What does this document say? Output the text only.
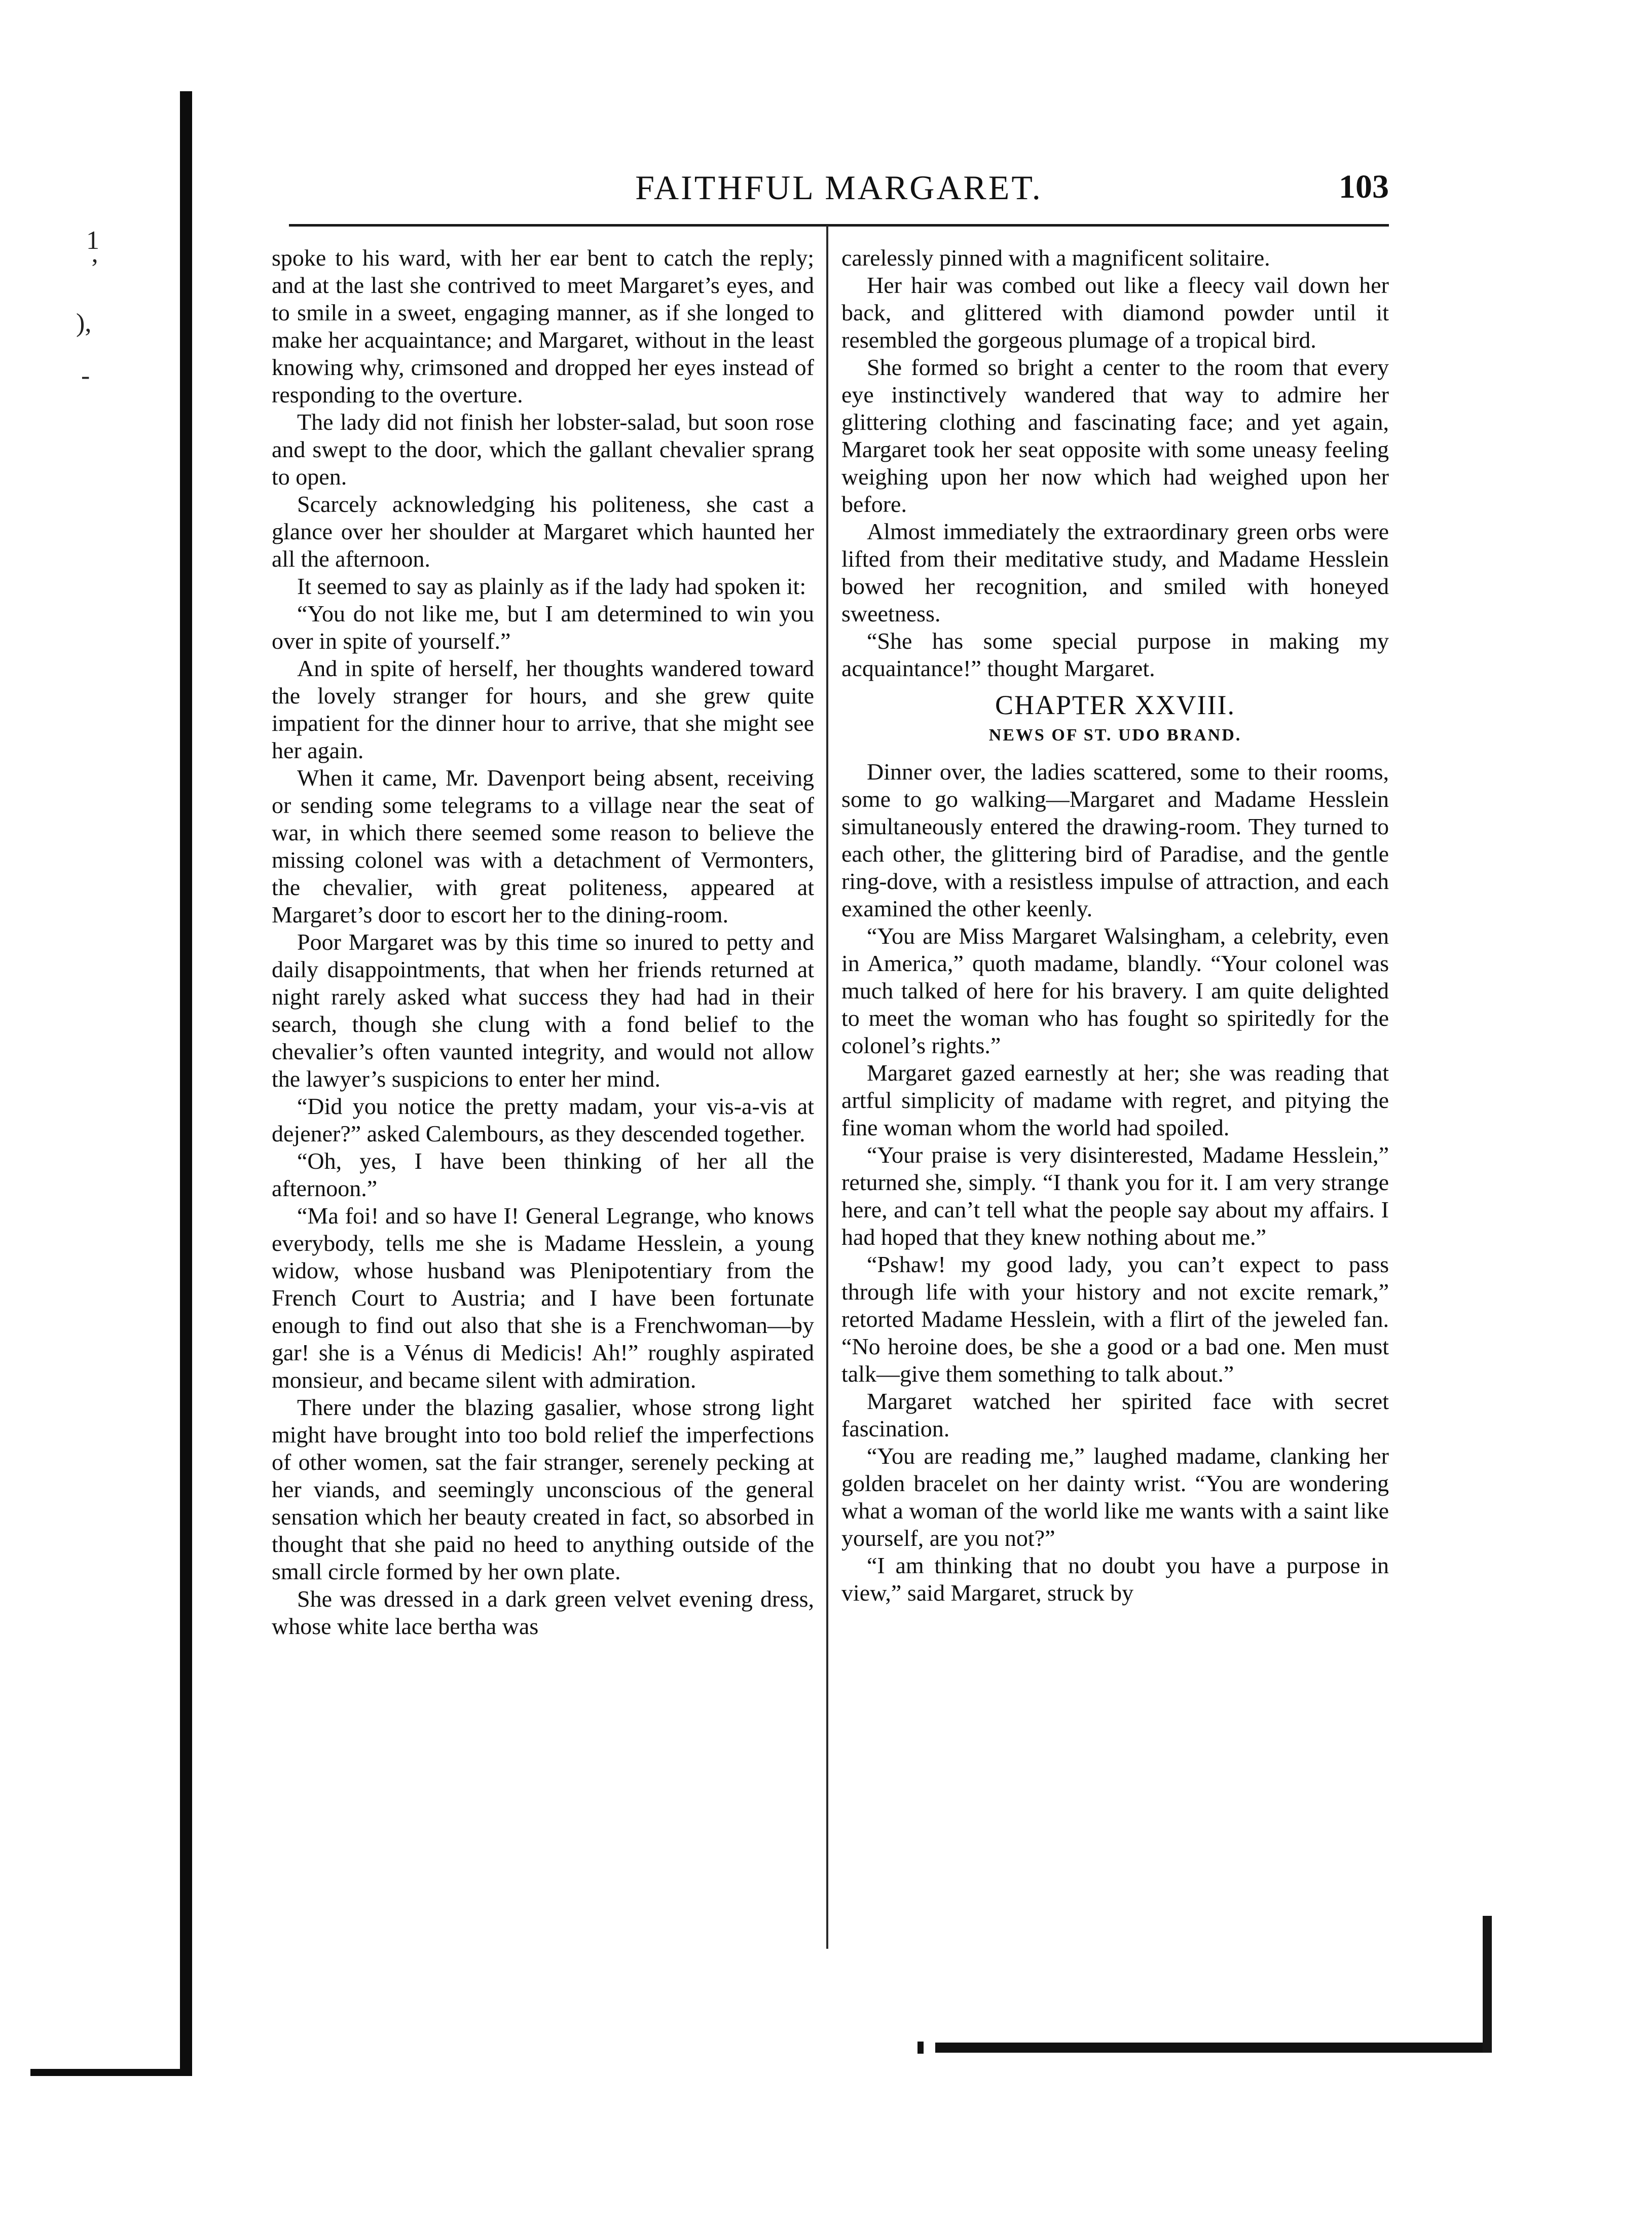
1
’
),
-
FAITHFUL MARGARET.	103

spoke to his ward, with her ear bent to catch the reply; and at the last she contrived to meet Margaret’s eyes, and to smile in a sweet, engaging manner, as if she longed to make her acquaintance; and Margaret, without in the least knowing why, crimsoned and dropped her eyes instead of responding to the overture.

The lady did not finish her lobster-salad, but soon rose and swept to the door, which the gallant chevalier sprang to open.

Scarcely acknowledging his politeness, she cast a glance over her shoulder at Margaret which haunted her all the afternoon.

It seemed to say as plainly as if the lady had spoken it:

“You do not like me, but I am determined to win you over in spite of yourself.”

And in spite of herself, her thoughts wandered toward the lovely stranger for hours, and she grew quite impatient for the dinner hour to arrive, that she might see her again.

When it came, Mr. Davenport being absent, receiving or sending some telegrams to a village near the seat of war, in which there seemed some reason to believe the missing colonel was with a detachment of Vermonters, the chevalier, with great politeness, appeared at Margaret’s door to escort her to the dining-room.

Poor Margaret was by this time so inured to petty and daily disappointments, that when her friends returned at night rarely asked what success they had had in their search, though she clung with a fond belief to the chevalier’s often vaunted integrity, and would not allow the lawyer’s suspicions to enter her mind.

“Did you notice the pretty madam, your vis-a-vis at dejener?” asked Calembours, as they descended together.

“Oh, yes, I have been thinking of her all the afternoon.”

“Ma foi! and so have I! General Legrange, who knows everybody, tells me she is Madame Hesslein, a young widow, whose husband was Plenipotentiary from the French Court to Austria; and I have been fortunate enough to find out also that she is a Frenchwoman—by gar! she is a Vénus di Medicis! Ah!” roughly aspirated monsieur, and became silent with admiration.

There under the blazing gasalier, whose strong light might have brought into too bold relief the imperfections of other women, sat the fair stranger, serenely pecking at her viands, and seemingly unconscious of the general sensation which her beauty created in fact, so absorbed in thought that she paid no heed to anything outside of the small circle formed by her own plate.

She was dressed in a dark green velvet evening dress, whose white lace bertha was

carelessly pinned with a magnificent solitaire.

Her hair was combed out like a fleecy vail down her back, and glittered with diamond powder until it resembled the gorgeous plumage of a tropical bird.

She formed so bright a center to the room that every eye instinctively wandered that way to admire her glittering clothing and fascinating face; and yet again, Margaret took her seat opposite with some uneasy feeling weighing upon her now which had weighed upon her before.

Almost immediately the extraordinary green orbs were lifted from their meditative study, and Madame Hesslein bowed her recognition, and smiled with honeyed sweetness.

“She has some special purpose in making my acquaintance!” thought Margaret.

CHAPTER XXVIII.
NEWS OF ST. UDO BRAND.

Dinner over, the ladies scattered, some to their rooms, some to go walking—Margaret and Madame Hesslein simultaneously entered the drawing-room. They turned to each other, the glittering bird of Paradise, and the gentle ring-dove, with a resistless impulse of attraction, and each examined the other keenly.

“You are Miss Margaret Walsingham, a celebrity, even in America,” quoth madame, blandly. “Your colonel was much talked of here for his bravery. I am quite delighted to meet the woman who has fought so spiritedly for the colonel’s rights.”

Margaret gazed earnestly at her; she was reading that artful simplicity of madame with regret, and pitying the fine woman whom the world had spoiled.

“Your praise is very disinterested, Madame Hesslein,” returned she, simply. “I thank you for it. I am very strange here, and can’t tell what the people say about my affairs. I had hoped that they knew nothing about me.”

“Pshaw! my good lady, you can’t expect to pass through life with your history and not excite remark,” retorted Madame Hesslein, with a flirt of the jeweled fan. “No heroine does, be she a good or a bad one. Men must talk—give them something to talk about.”

Margaret watched her spirited face with secret fascination.

“You are reading me,” laughed madame, clanking her golden bracelet on her dainty wrist. “You are wondering what a woman of the world like me wants with a saint like yourself, are you not?”

“I am thinking that no doubt you have a purpose in view,” said Margaret, struck by
